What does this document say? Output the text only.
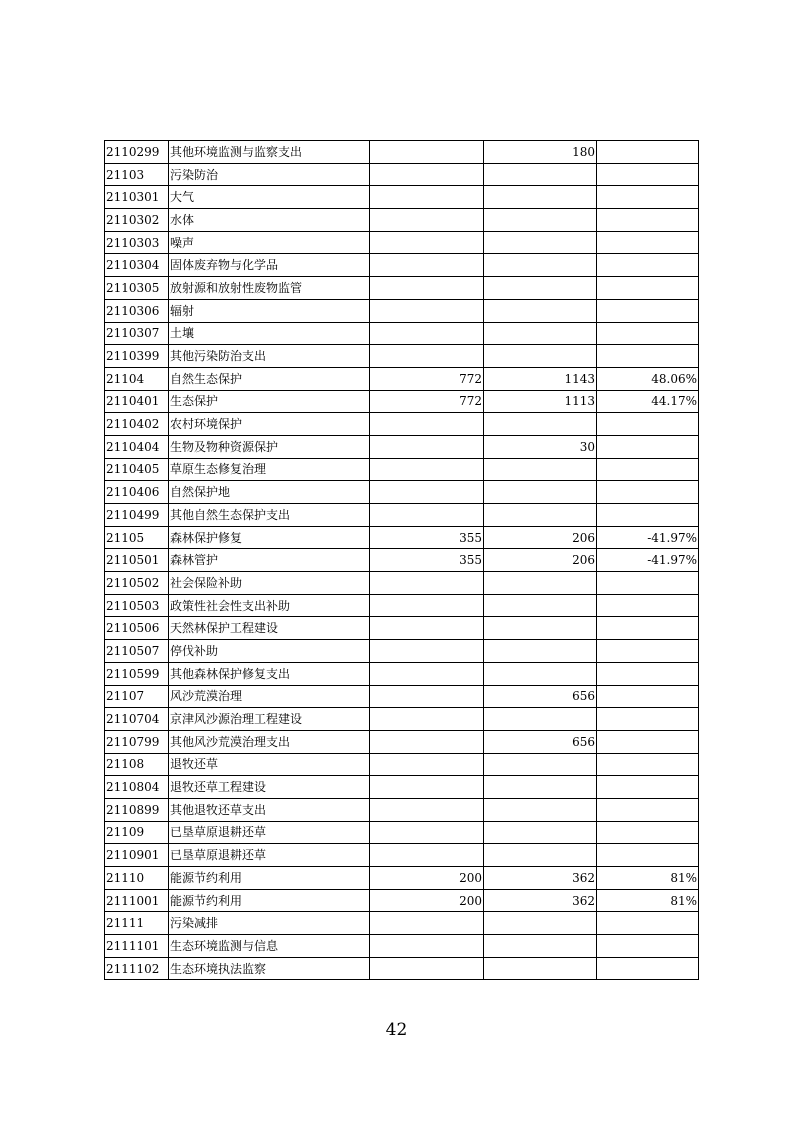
2110299	其他环境监测与监察支出		180	
21103	污染防治			
2110301	大气			
2110302	水体			
2110303	噪声			
2110304	固体废弃物与化学品			
2110305	放射源和放射性废物监管			
2110306	辐射			
2110307	土壤			
2110399	其他污染防治支出			
21104	自然生态保护	772	1143	48.06%
2110401	生态保护	772	1113	44.17%
2110402	农村环境保护			
2110404	生物及物种资源保护		30	
2110405	草原生态修复治理			
2110406	自然保护地			
2110499	其他自然生态保护支出			
21105	森林保护修复	355	206	-41.97%
2110501	森林管护	355	206	-41.97%
2110502	社会保险补助			
2110503	政策性社会性支出补助			
2110506	天然林保护工程建设			
2110507	停伐补助			
2110599	其他森林保护修复支出			
21107	风沙荒漠治理		656	
2110704	京津风沙源治理工程建设			
2110799	其他风沙荒漠治理支出		656	
21108	退牧还草			
2110804	退牧还草工程建设			
2110899	其他退牧还草支出			
21109	已垦草原退耕还草			
2110901	已垦草原退耕还草			
21110	能源节约利用	200	362	81%
2111001	能源节约利用	200	362	81%
21111	污染减排			
2111101	生态环境监测与信息			
2111102	生态环境执法监察			
42
